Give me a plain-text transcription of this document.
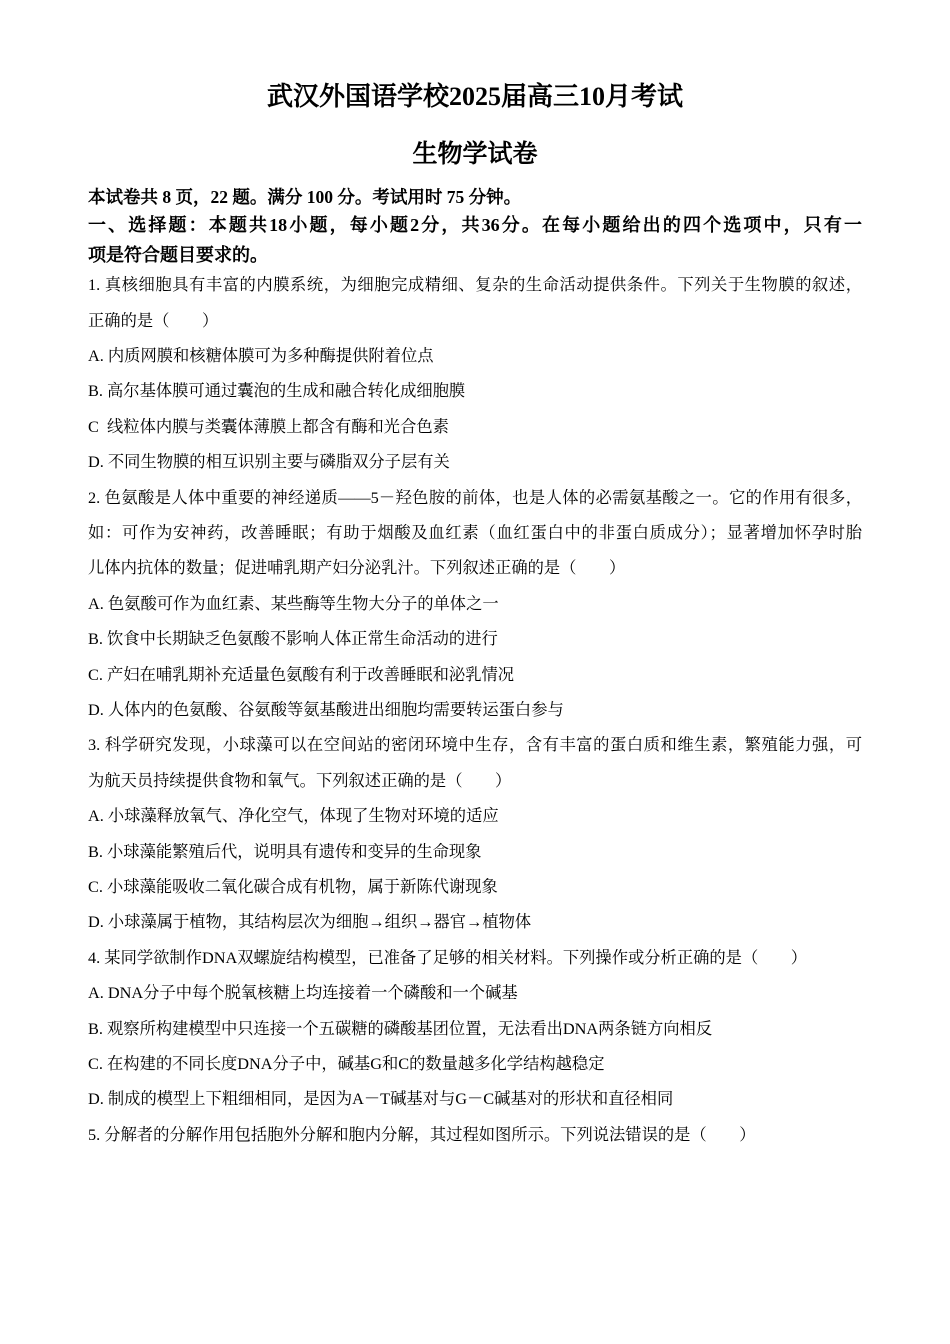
武汉外国语学校2025届高三10月考试
生物学试卷
本试卷共 8 页，22 题。满分 100 分。考试用时 75 分钟。
一、选择题：本题共18小题，每小题2分，共36分。在每小题给出的四个选项中，只有一
项是符合题目要求的。
1. 真核细胞具有丰富的内膜系统，为细胞完成精细、复杂的生命活动提供条件。下列关于生物膜的叙述，
正确的是（　　）
A. 内质网膜和核糖体膜可为多种酶提供附着位点
B. 高尔基体膜可通过囊泡的生成和融合转化成细胞膜
C  线粒体内膜与类囊体薄膜上都含有酶和光合色素
D. 不同生物膜的相互识别主要与磷脂双分子层有关
2. 色氨酸是人体中重要的神经递质——5－羟色胺的前体，也是人体的必需氨基酸之一。它的作用有很多，
如：可作为安神药，改善睡眠；有助于烟酸及血红素（血红蛋白中的非蛋白质成分）；显著增加怀孕时胎
儿体内抗体的数量；促进哺乳期产妇分泌乳汁。下列叙述正确的是（　　）
A. 色氨酸可作为血红素、某些酶等生物大分子的单体之一
B. 饮食中长期缺乏色氨酸不影响人体正常生命活动的进行
C. 产妇在哺乳期补充适量色氨酸有利于改善睡眠和泌乳情况
D. 人体内的色氨酸、谷氨酸等氨基酸进出细胞均需要转运蛋白参与
3. 科学研究发现，小球藻可以在空间站的密闭环境中生存，含有丰富的蛋白质和维生素，繁殖能力强，可
为航天员持续提供食物和氧气。下列叙述正确的是（　　）
A. 小球藻释放氧气、净化空气，体现了生物对环境的适应
B. 小球藻能繁殖后代，说明具有遗传和变异的生命现象
C. 小球藻能吸收二氧化碳合成有机物，属于新陈代谢现象
D. 小球藻属于植物，其结构层次为细胞→组织→器官→植物体
4. 某同学欲制作DNA双螺旋结构模型，已准备了足够的相关材料。下列操作或分析正确的是（　　）
A. DNA分子中每个脱氧核糖上均连接着一个磷酸和一个碱基
B. 观察所构建模型中只连接一个五碳糖的磷酸基团位置，无法看出DNA两条链方向相反
C. 在构建的不同长度DNA分子中，碱基G和C的数量越多化学结构越稳定
D. 制成的模型上下粗细相同，是因为A－T碱基对与G－C碱基对的形状和直径相同
5. 分解者的分解作用包括胞外分解和胞内分解，其过程如图所示。下列说法错误的是（　　）
